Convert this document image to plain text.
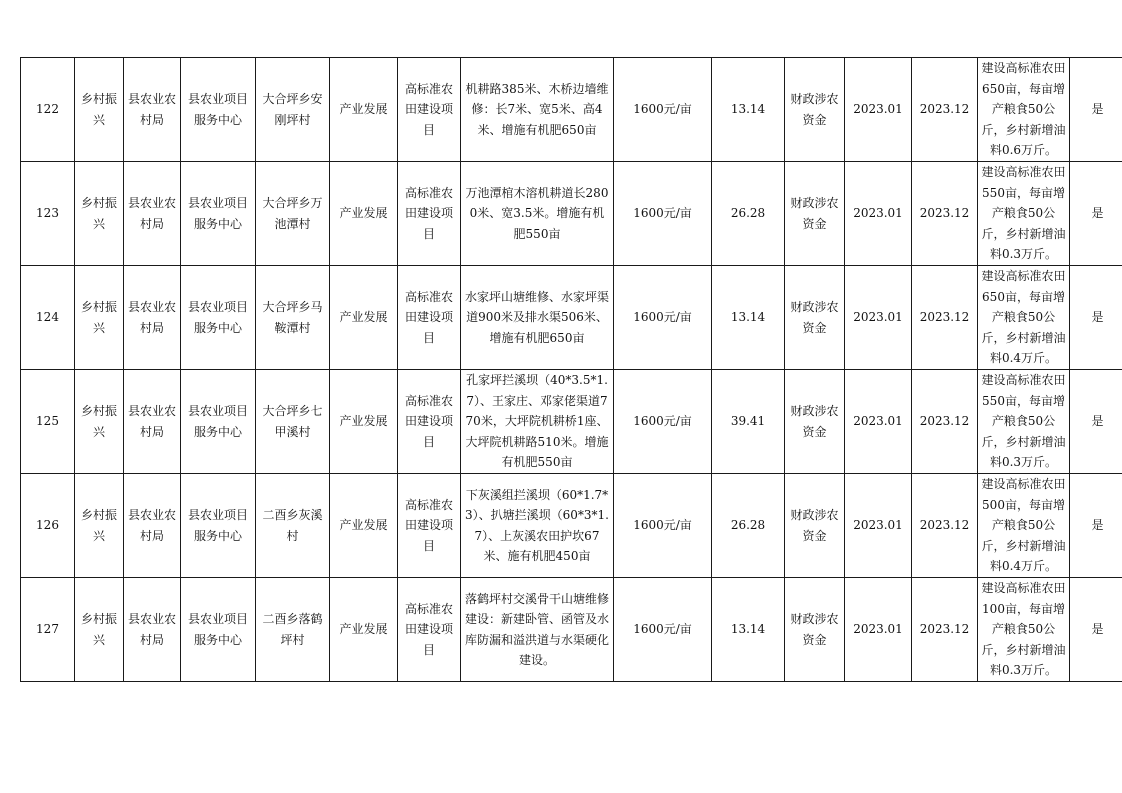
122	乡村振兴	县农业农村局	县农业项目服务中心	大合坪乡安刚坪村	产业发展	高标准农田建设项目	机耕路385米、木桥边墙维修：长7米、宽5米、高4米、增施有机肥650亩	1600元/亩	13.14	财政涉农资金	2023.01	2023.12	建设高标准农田650亩，每亩增产粮食50公斤，乡村新增油料0.6万斤。	是
123	乡村振兴	县农业农村局	县农业项目服务中心	大合坪乡万池潭村	产业发展	高标准农田建设项目	万池潭棺木溶机耕道长2800米、宽3.5米。增施有机肥550亩	1600元/亩	26.28	财政涉农资金	2023.01	2023.12	建设高标准农田550亩，每亩增产粮食50公斤，乡村新增油料0.3万斤。	是
124	乡村振兴	县农业农村局	县农业项目服务中心	大合坪乡马鞍潭村	产业发展	高标准农田建设项目	水家坪山塘维修、水家坪渠道900米及排水渠506米、增施有机肥650亩	1600元/亩	13.14	财政涉农资金	2023.01	2023.12	建设高标准农田650亩，每亩增产粮食50公斤，乡村新增油料0.4万斤。	是
125	乡村振兴	县农业农村局	县农业项目服务中心	大合坪乡七甲溪村	产业发展	高标准农田建设项目	孔家坪拦溪坝（40*3.5*1.7）、王家庄、邓家佬渠道770米，大坪院机耕桥1座、大坪院机耕路510米。增施有机肥550亩	1600元/亩	39.41	财政涉农资金	2023.01	2023.12	建设高标准农田550亩，每亩增产粮食50公斤，乡村新增油料0.3万斤。	是
126	乡村振兴	县农业农村局	县农业项目服务中心	二酉乡灰溪村	产业发展	高标准农田建设项目	下灰溪组拦溪坝（60*1.7*3）、扒塘拦溪坝（60*3*1.7）、上灰溪农田护坎67米、施有机肥450亩	1600元/亩	26.28	财政涉农资金	2023.01	2023.12	建设高标准农田500亩，每亩增产粮食50公斤，乡村新增油料0.4万斤。	是
127	乡村振兴	县农业农村局	县农业项目服务中心	二酉乡落鹤坪村	产业发展	高标准农田建设项目	落鹤坪村交溪骨干山塘维修建设：新建卧管、函管及水库防漏和溢洪道与水渠硬化建设。	1600元/亩	13.14	财政涉农资金	2023.01	2023.12	建设高标准农田100亩，每亩增产粮食50公斤，乡村新增油料0.3万斤。	是
